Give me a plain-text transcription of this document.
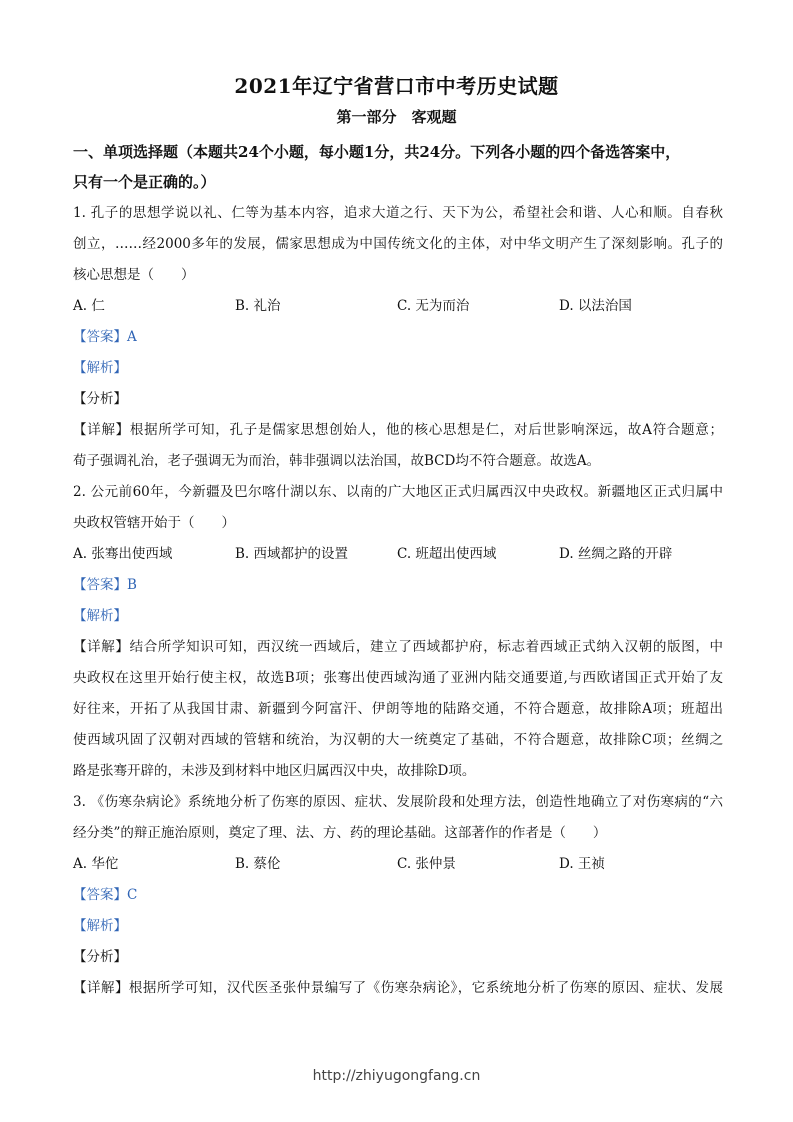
2021年辽宁省营口市中考历史试题
第一部分　客观题
一、单项选择题（本题共24个小题，每小题1分，共24分。下列各小题的四个备选答案中，
只有一个是正确的。）
1. 孔子的思想学说以礼、仁等为基本内容，追求大道之行、天下为公，希望社会和谐、人心和顺。自春秋
创立，……经2000多年的发展，儒家思想成为中国传统文化的主体，对中华文明产生了深刻影响。孔子的
核心思想是（　　）
A. 仁	B. 礼治	C. 无为而治	D. 以法治国
【答案】A
【解析】
【分析】
【详解】根据所学可知，孔子是儒家思想创始人，他的核心思想是仁，对后世影响深远，故A符合题意；
荀子强调礼治，老子强调无为而治，韩非强调以法治国，故BCD均不符合题意。故选A。
2. 公元前60年，今新疆及巴尔喀什湖以东、以南的广大地区正式归属西汉中央政权。新疆地区正式归属中
央政权管辖开始于（　　）
A. 张骞出使西域	B. 西域都护的设置	C. 班超出使西域	D. 丝绸之路的开辟
【答案】B
【解析】
【详解】结合所学知识可知，西汉统一西域后，建立了西域都护府，标志着西域正式纳入汉朝的版图，中
央政权在这里开始行使主权，故选B项；张骞出使西域沟通了亚洲内陆交通要道,与西欧诸国正式开始了友
好往来，开拓了从我国甘肃、新疆到今阿富汗、伊朗等地的陆路交通，不符合题意，故排除A项；班超出
使西域巩固了汉朝对西域的管辖和统治，为汉朝的大一统奠定了基础，不符合题意，故排除C项；丝绸之
路是张骞开辟的，未涉及到材料中地区归属西汉中央，故排除D项。
3. 《伤寒杂病论》系统地分析了伤寒的原因、症状、发展阶段和处理方法，创造性地确立了对伤寒病的“六
经分类”的辩正施治原则，奠定了理、法、方、药的理论基础。这部著作的作者是（　　）
A. 华佗	B. 蔡伦	C. 张仲景	D. 王祯
【答案】C
【解析】
【分析】
【详解】根据所学可知，汉代医圣张仲景编写了《伤寒杂病论》，它系统地分析了伤寒的原因、症状、发展
http://zhiyugongfang.cn
